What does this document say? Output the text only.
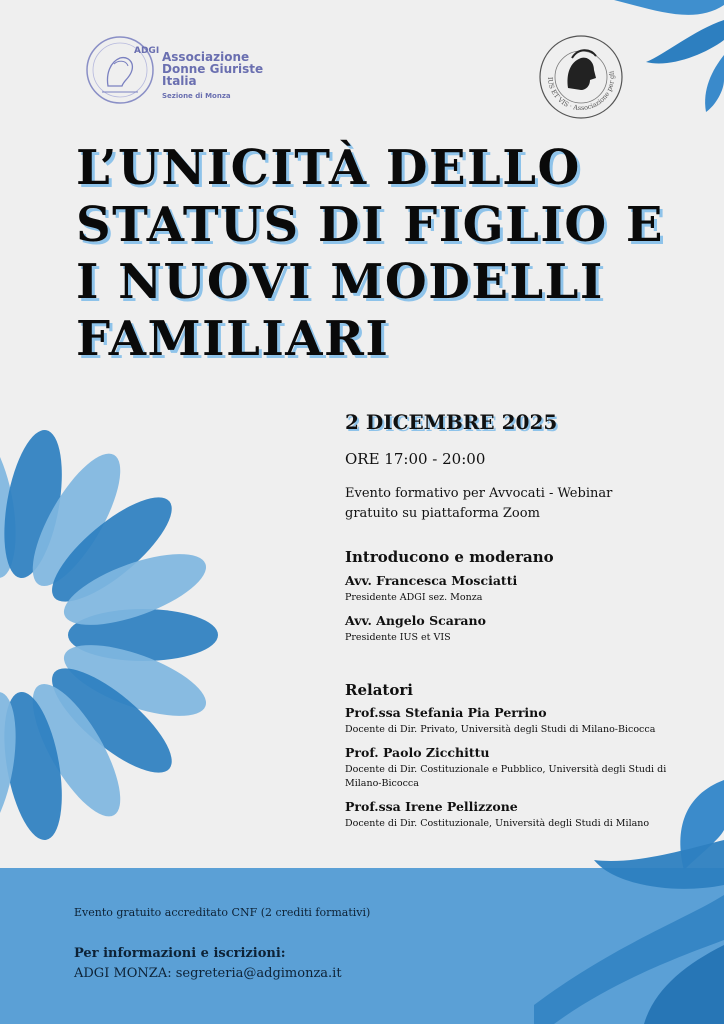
ADGI Associazione
Donne Giuriste
Italia
Sezione di Monza
IUS ET VIS · Associazione per gli
L’UNICITÀ DELLO
STATUS DI FIGLIO E
I NUOVI MODELLI
FAMILIARI
2 DICEMBRE 2025
ORE 17:00 - 20:00
Evento formativo per Avvocati - Webinar
gratuito su piattaforma Zoom
Introducono e moderano
Avv. Francesca Mosciatti
Presidente ADGI sez. Monza
Avv. Angelo Scarano
Presidente IUS et VIS
Relatori
Prof.ssa Stefania Pia Perrino
Docente di Dir. Privato, Università degli Studi di Milano-Bicocca
Prof. Paolo Zicchittu
Docente di Dir. Costituzionale e Pubblico, Università degli Studi di
Milano-Bicocca
Prof.ssa Irene Pellizzone
Docente di Dir. Costituzionale, Università degli Studi di Milano
Evento gratuito accreditato CNF (2 crediti formativi)
Per informazioni e iscrizioni:
ADGI MONZA: segreteria@adgimonza.it
